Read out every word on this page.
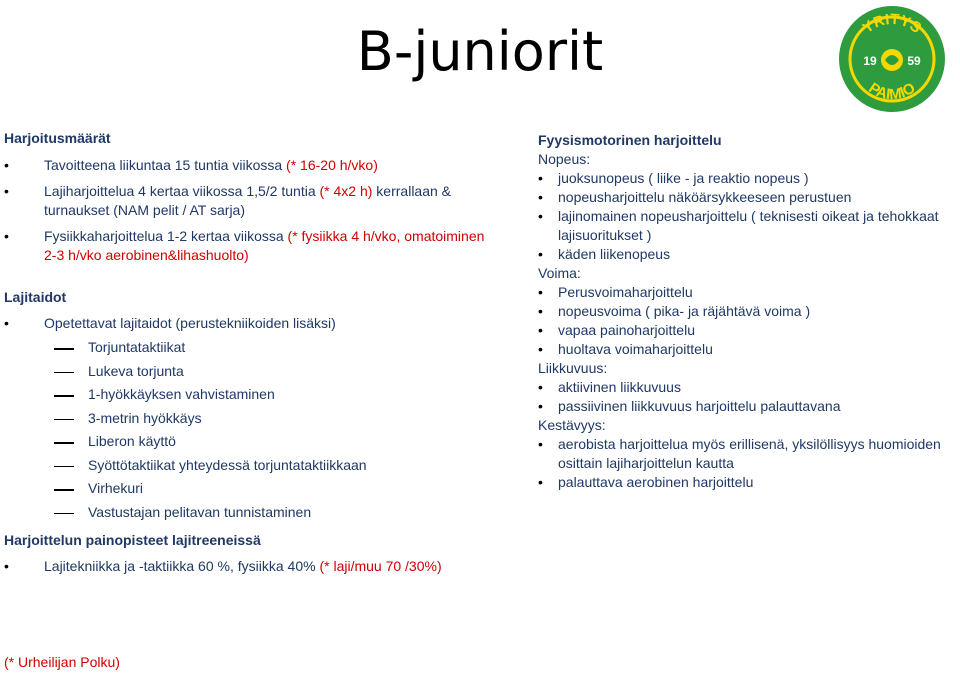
B-juniorit	YRITYS
PAIMIO
19	59
Harjoitusmäärät
• Tavoitteena liikuntaa 15 tuntia viikossa (* 16-20 h/vko)
• Lajiharjoittelua 4 kertaa viikossa 1,5/2 tuntia (* 4x2 h) kerrallaan &
turnaukset (NAM pelit / AT sarja)
• Fysiikkaharjoittelua 1-2 kertaa viikossa (* fysiikka 4 h/vko, omatoiminen
2-3 h/vko aerobinen&lihashuolto)
Lajitaidot
• Opetettavat lajitaidot (perustekniikoiden lisäksi)
Torjuntataktiikat
Lukeva torjunta
1-hyökkäyksen vahvistaminen
3-metrin hyökkäys
Liberon käyttö
Syöttötaktiikat yhteydessä torjuntataktiikkaan
Virhekuri
Vastustajan pelitavan tunnistaminen
Fyysismotorinen harjoittelu
Nopeus:
• juoksunopeus ( liike - ja reaktio nopeus )
• nopeusharjoittelu näköärsykkeeseen perustuen
• lajinomainen nopeusharjoittelu ( teknisesti oikeat ja tehokkaat
lajisuoritukset )
• käden liikenopeus
Voima:
• Perusvoimaharjoittelu
• nopeusvoima ( pika- ja räjähtävä voima )
• vapaa painoharjoittelu
• huoltava voimaharjoittelu
Liikkuvuus:
• aktiivinen liikkuvuus
• passiivinen liikkuvuus harjoittelu palauttavana
Kestävyys:
• aerobista harjoittelua myös erillisenä, yksilöllisyys huomioiden
osittain lajiharjoittelun kautta
• palauttava aerobinen harjoittelu
Harjoittelun painopisteet lajitreeneissä
• Lajitekniikka ja -taktiikka 60 %, fysiikka 40% (* laji/muu 70 /30%)
(* Urheilijan Polku)
